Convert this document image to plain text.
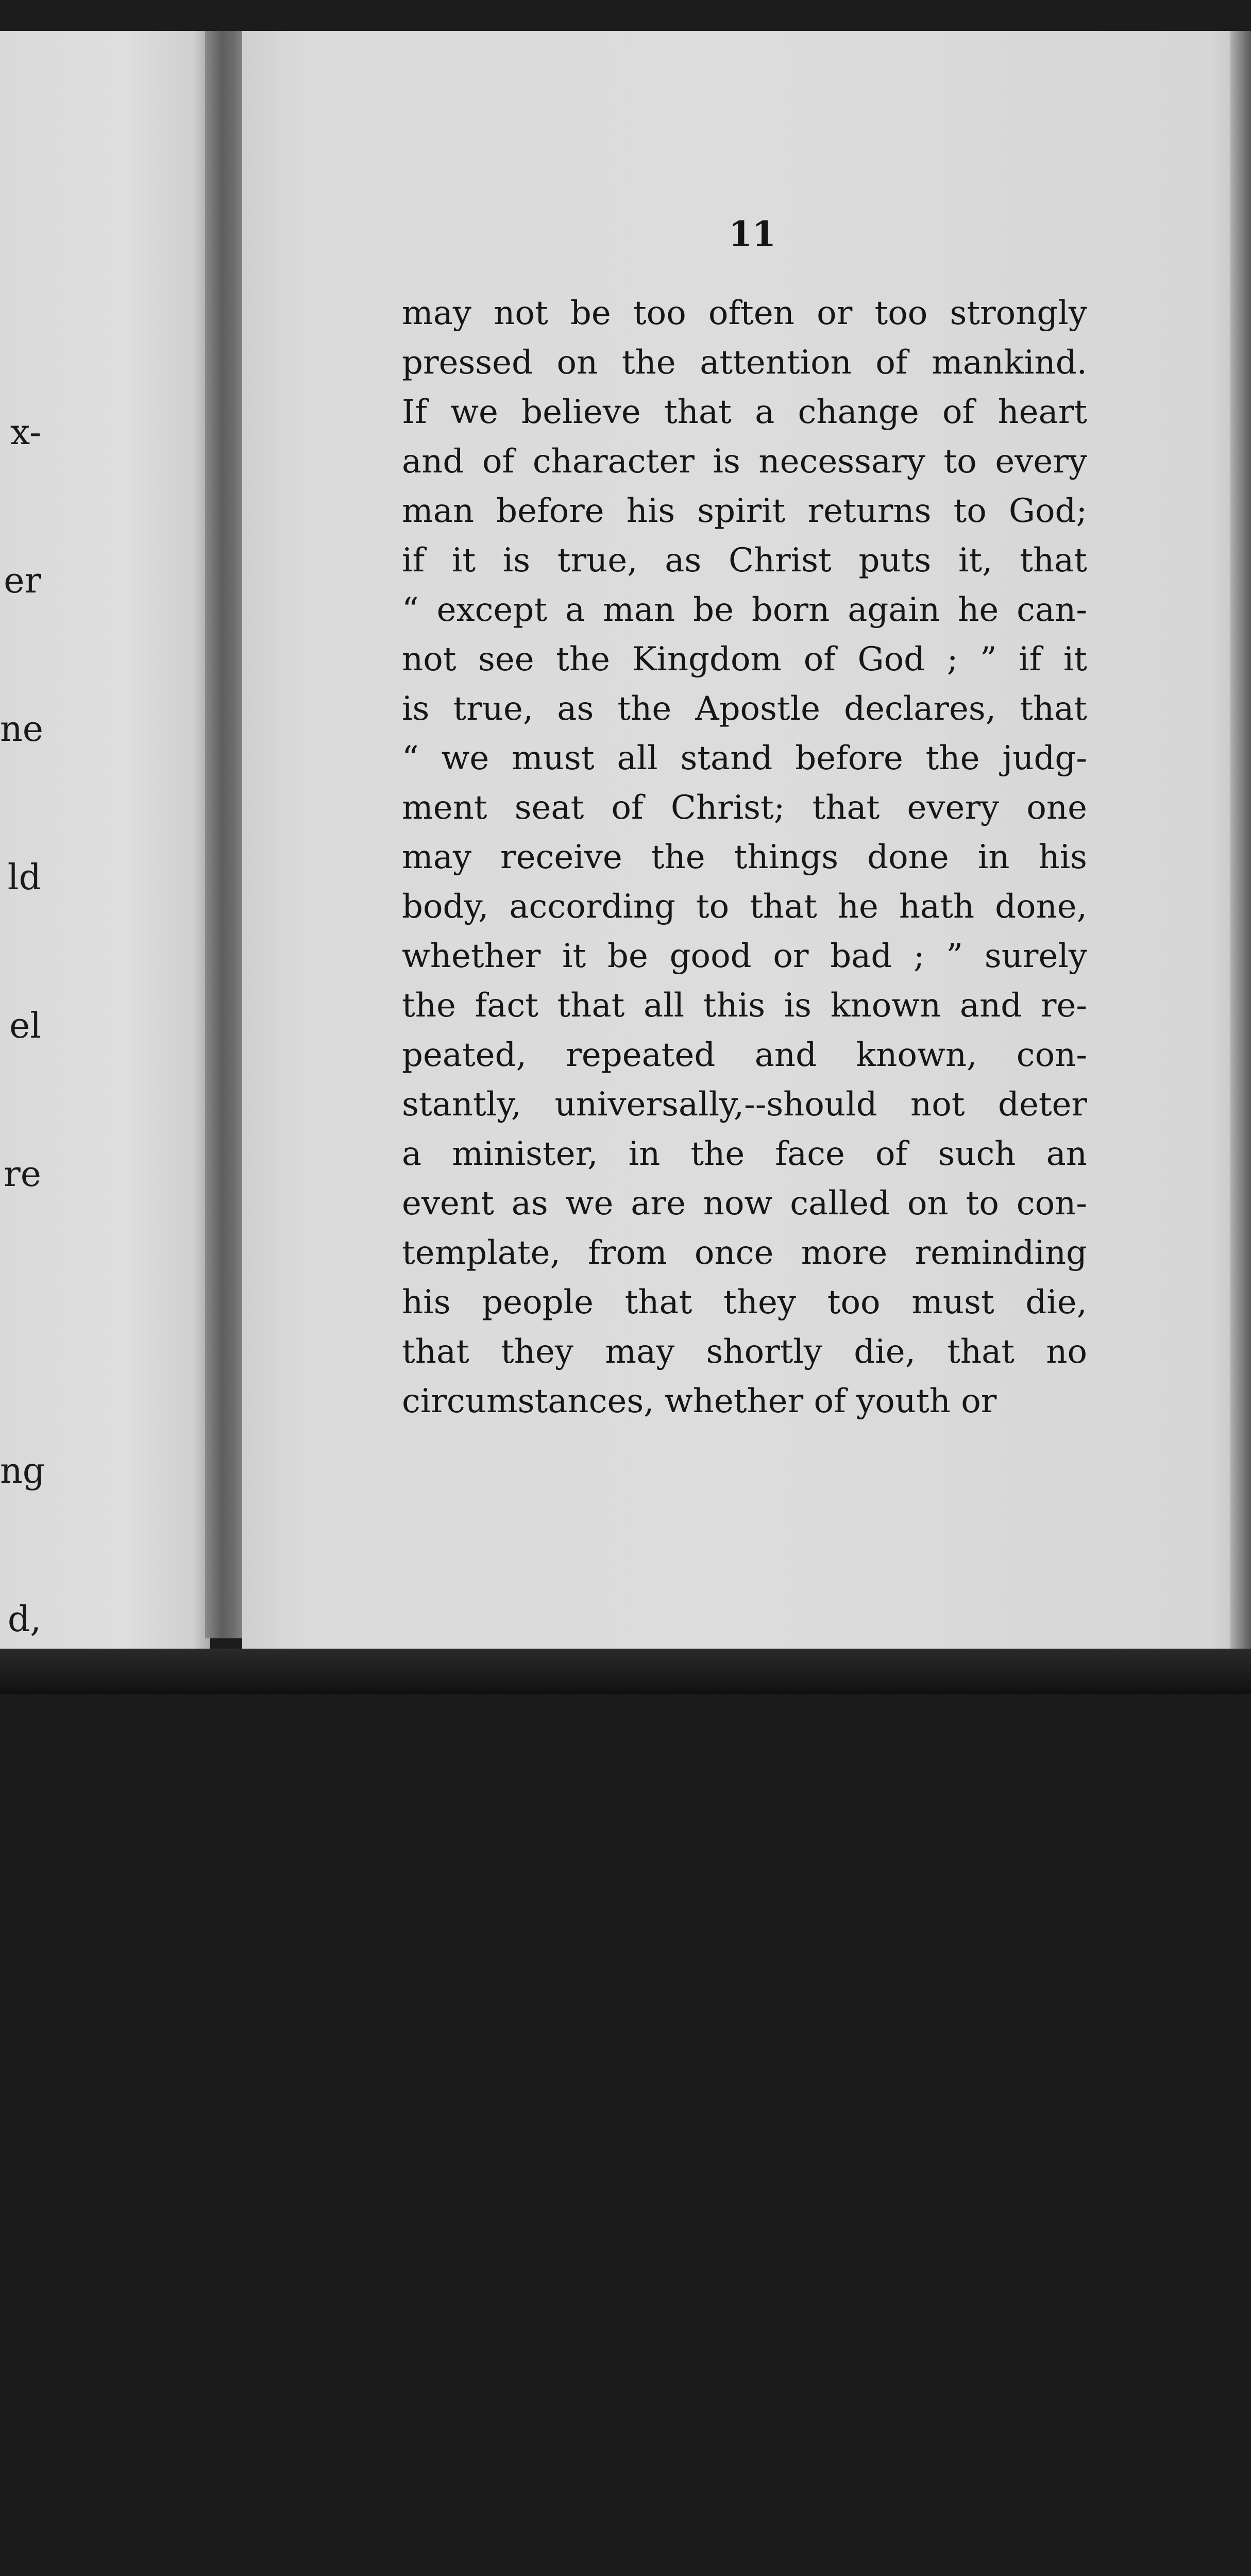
x-

er

ne

ld

el

re

ng

d,

nd

st

ır

ns

at

11
may not be too often or too strongly
pressed on the attention of mankind.
If we believe that a change of heart
and of character is necessary to every
man before his spirit returns to God;
if it is true, as Christ puts it, that
“ except a man be born again he can-
not see the Kingdom of God ; ” if it
is true, as the Apostle declares, that
“ we must all stand before the judg-
ment seat of Christ; that every one
may receive the things done in his
body, according to that he hath done,
whether it be good or bad ; ” surely
the fact that all this is known and re-
peated, repeated and known, con-
stantly, universally,--should not deter
a minister, in the face of such an
event as we are now called on to con-
template, from once more reminding
his people that they too must die,
that they may shortly die, that no
circumstances, whether of youth or
